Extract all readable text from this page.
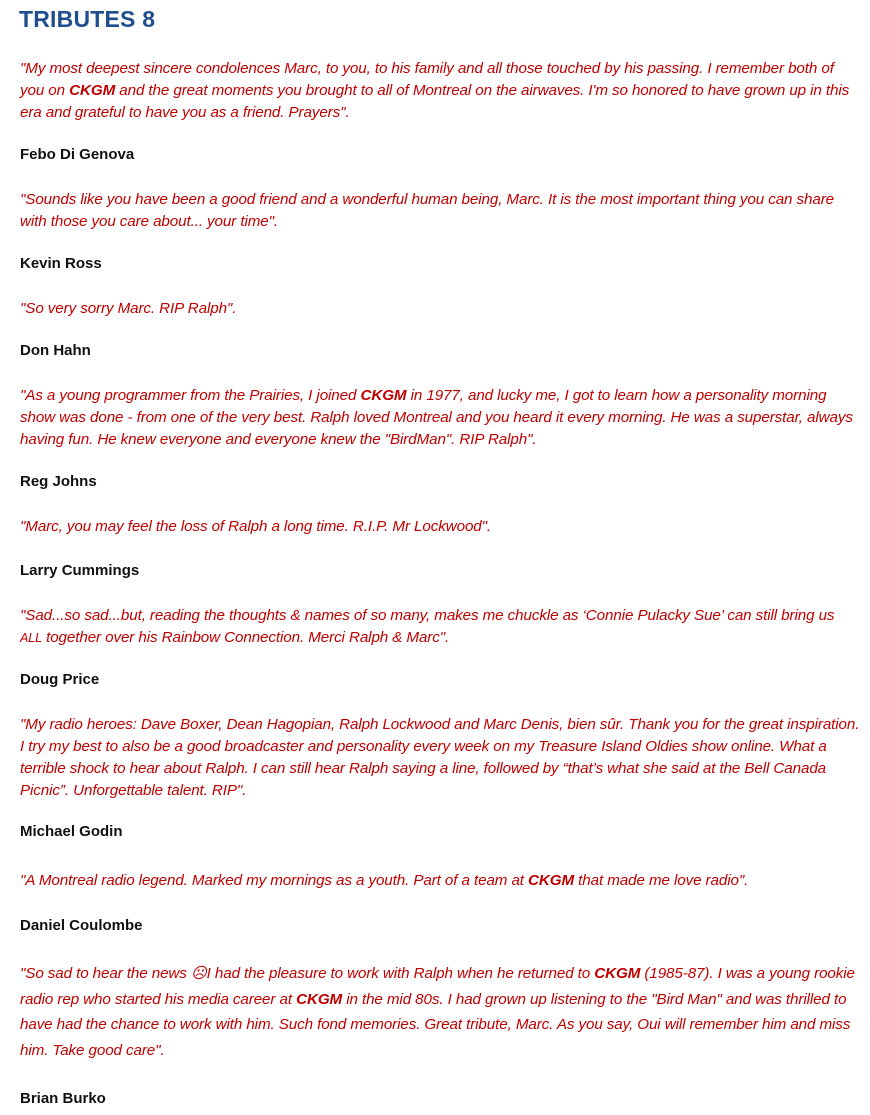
TRIBUTES 8

"My most deepest sincere condolences Marc, to you, to his family and all those touched by his passing. I remember both of you on CKGM and the great moments you brought to all of Montreal on the airwaves. I'm so honored to have grown up in this era and grateful to have you as a friend. Prayers".

Febo Di Genova

"Sounds like you have been a good friend and a wonderful human being, Marc. It is the most important thing you can share with those you care about... your time".

Kevin Ross

"So very sorry Marc. RIP Ralph".

Don Hahn

"As a young programmer from the Prairies, I joined CKGM in 1977, and lucky me, I got to learn how a personality morning show was done - from one of the very best. Ralph loved Montreal and you heard it every morning. He was a superstar, always having fun. He knew everyone and everyone knew the "BirdMan". RIP Ralph".

Reg Johns

"Marc, you may feel the loss of Ralph a long time. R.I.P. Mr Lockwood".

Larry Cummings

"Sad...so sad...but, reading the thoughts & names of so many, makes me chuckle as ‘Connie Pulacky Sue’ can still bring us ALL together over his Rainbow Connection. Merci Ralph & Marc".

Doug Price

"My radio heroes: Dave Boxer, Dean Hagopian, Ralph Lockwood and Marc Denis, bien sûr. Thank you for the great inspiration. I try my best to also be a good broadcaster and personality every week on my Treasure Island Oldies show online. What a terrible shock to hear about Ralph. I can still hear Ralph saying a line, followed by “that’s what she said at the Bell Canada Picnic”. Unforgettable talent. RIP".

Michael Godin

"A Montreal radio legend. Marked my mornings as a youth. Part of a team at CKGM that made me love radio".

Daniel Coulombe

"So sad to hear the news ☹I had the pleasure to work with Ralph when he returned to CKGM (1985-87). I was a young rookie radio rep who started his media career at CKGM in the mid 80s. I had grown up listening to the "Bird Man" and was thrilled to have had the chance to work with him. Such fond memories. Great tribute, Marc. As you say, Oui will remember him and miss him. Take good care".

Brian Burko
